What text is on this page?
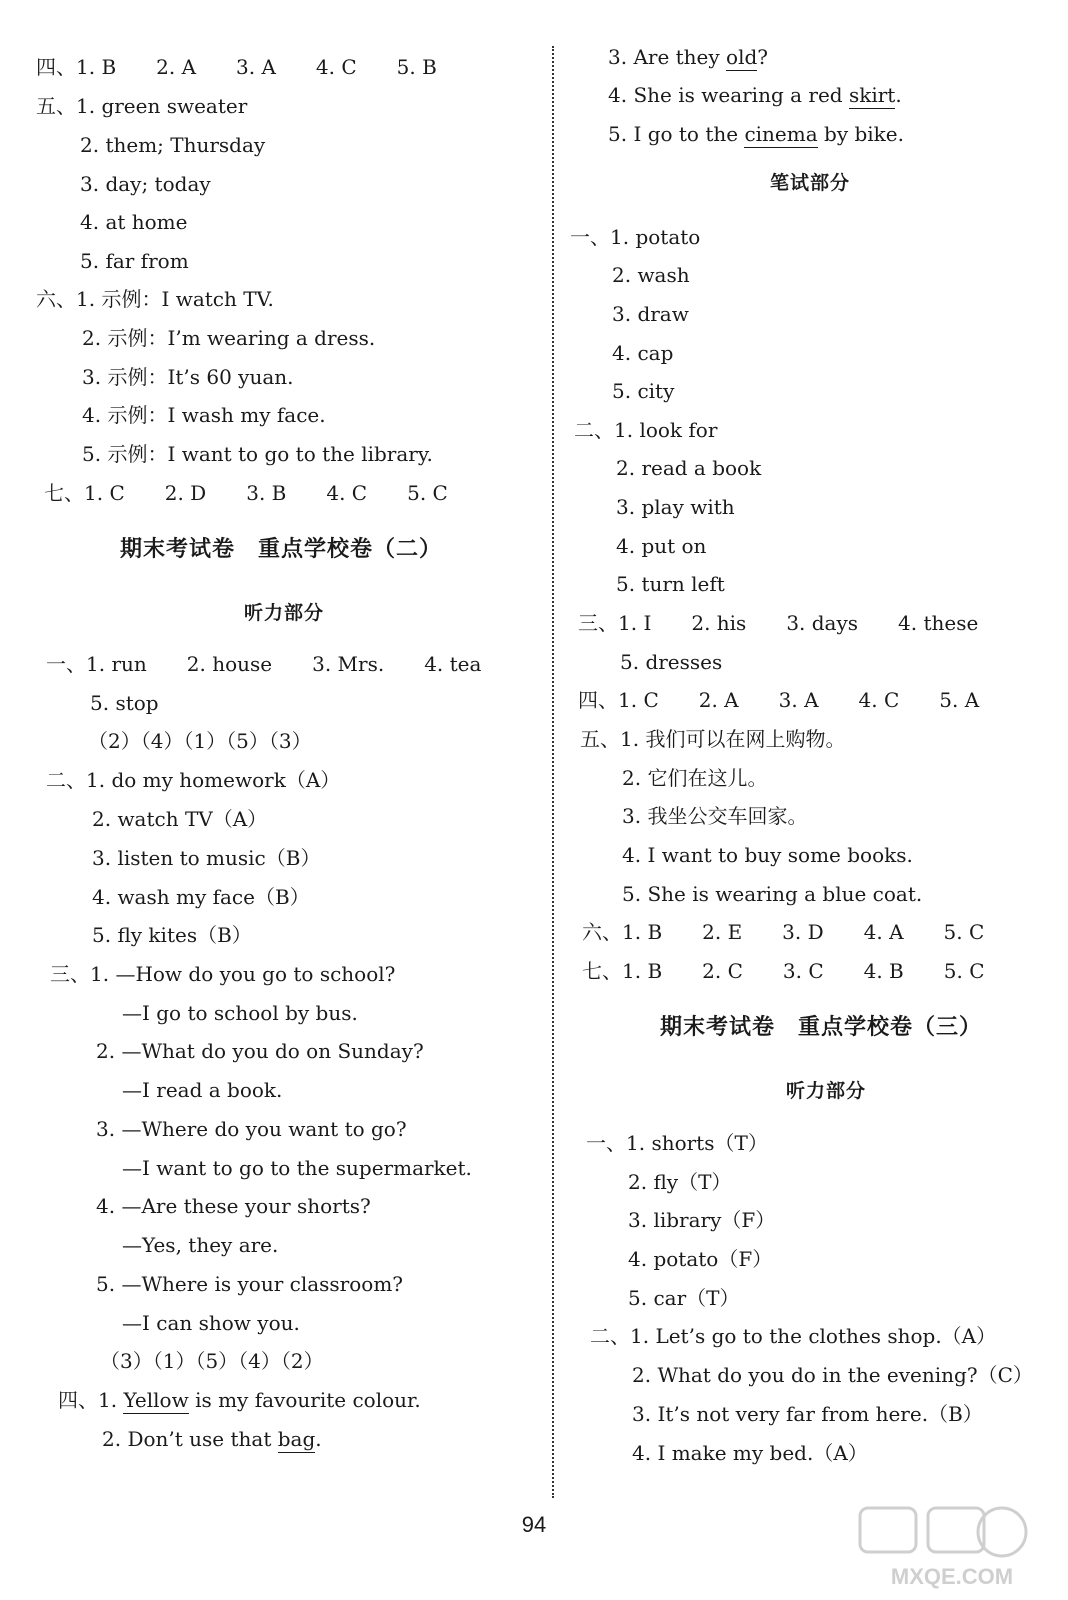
四、1. B　　2. A　　3. A　　4. C　　5. B
五、1. green sweater
2. them; Thursday
3. day; today
4. at home
5. far from
六、1. 示例：I watch TV.
2. 示例：I’m wearing a dress.
3. 示例：It’s 60 yuan.
4. 示例：I wash my face.
5. 示例：I want to go to the library.
七、1. C　　2. D　　3. B　　4. C　　5. C
一、1. run　　2. house　　3. Mrs.　　4. tea
5. stop
（2）（4）（1）（5）（3）
二、1. do my homework（A）
2. watch TV（A）
3. listen to music（B）
4. wash my face（B）
5. fly kites（B）
三、1. —How do you go to school?
—I go to school by bus.
2. —What do you do on Sunday?
—I read a book.
3. —Where do you want to go?
—I want to go to the supermarket.
4. —Are these your shorts?
—Yes, they are.
5. —Where is your classroom?
—I can show you.
（3）（1）（5）（4）（2）
四、1. Yellow is my favourite colour.
2. Don’t use that bag.
期末考试卷　重点学校卷（二）
听力部分
3. Are they old?
4. She is wearing a red skirt.
5. I go to the cinema by bike.
一、1. potato
2. wash
3. draw
4. cap
5. city
二、1. look for
2. read a book
3. play with
4. put on
5. turn left
三、1. I　　2. his　　3. days　　4. these
5. dresses
四、1. C　　2. A　　3. A　　4. C　　5. A
五、1. 我们可以在网上购物。
2. 它们在这儿。
3. 我坐公交车回家。
4. I want to buy some books.
5. She is wearing a blue coat.
六、1. B　　2. E　　3. D　　4. A　　5. C
七、1. B　　2. C　　3. C　　4. B　　5. C
一、1. shorts（T）
2. fly（T）
3. library（F）
4. potato（F）
5. car（T）
二、1. Let’s go to the clothes shop.（A）
2. What do you do in the evening?（C）
3. It’s not very far from here.（B）
4. I make my bed.（A）
期末考试卷　重点学校卷（三）
笔试部分
听力部分
94
MXQE.COM
